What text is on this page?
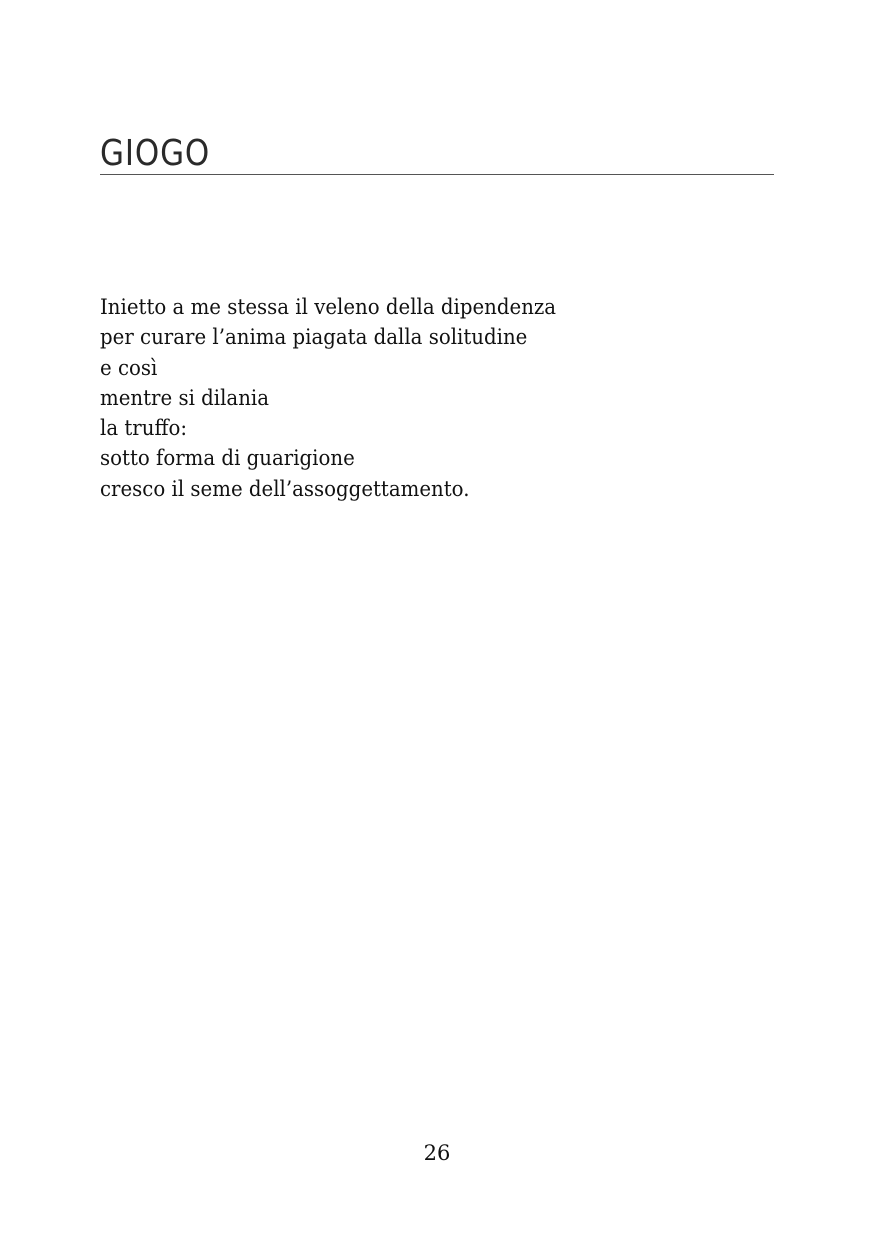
GIOGO
Inietto a me stessa il veleno della dipendenza
per curare l’anima piagata dalla solitudine
e così
mentre si dilania
la truffo:
sotto forma di guarigione
cresco il seme dell’assoggettamento.
26
